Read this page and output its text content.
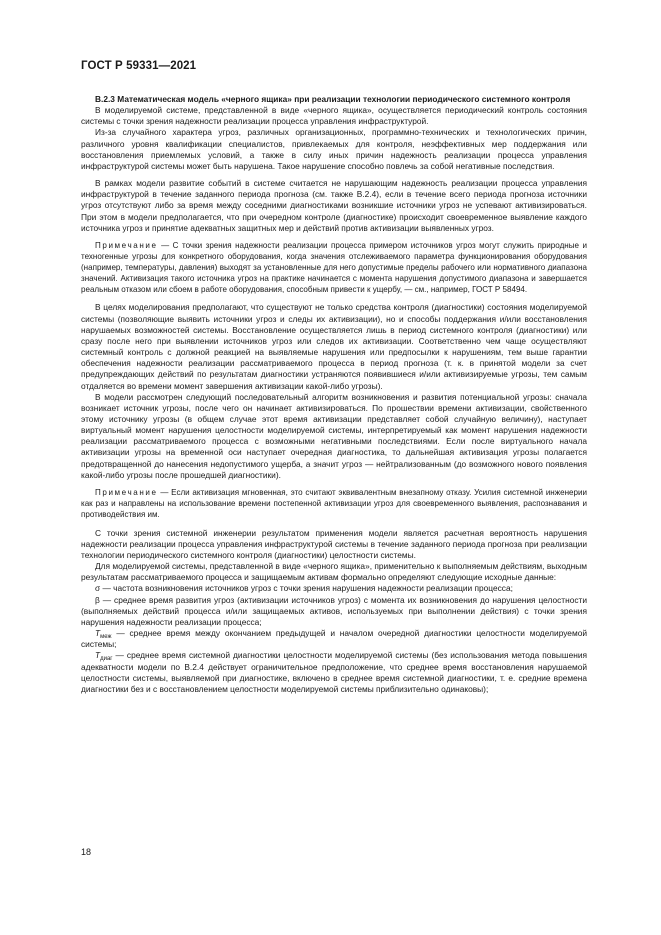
ГОСТ Р 59331—2021

В.2.3 Математическая модель «черного ящика» при реализации технологии периодического системного контроля

В моделируемой системе, представленной в виде «черного ящика», осуществляется периодический контроль состояния системы с точки зрения надежности реализации процесса управления инфраструктурой.

Из-за случайного характера угроз, различных организационных, программно-технических и технологических причин, различного уровня квалификации специалистов, привлекаемых для контроля, неэффективных мер поддержания или восстановления приемлемых условий, а также в силу иных причин надежность реализации процесса управления инфраструктурой системы может быть нарушена. Такое нарушение способно повлечь за собой негативные последствия.

В рамках модели развитие событий в системе считается не нарушающим надежность реализации процесса управления инфраструктурой в течение заданного периода прогноза (см. также В.2.4), если в течение всего периода прогноза источники угроз отсутствуют либо за время между соседними диагностиками возникшие источники угроз не успевают активизироваться. При этом в модели предполагается, что при очередном контроле (диагностике) происходит своевременное выявление каждого источника угроз и принятие адекватных защитных мер и действий против активизации выявленных угроз.

Примечание — С точки зрения надежности реализации процесса примером источников угроз могут служить природные и техногенные угрозы для конкретного оборудования, когда значения отслеживаемого параметра функционирования оборудования (например, температуры, давления) выходят за установленные для него допустимые пределы рабочего или нормативного диапазона значений. Активизация такого источника угроз на практике начинается с момента нарушения допустимого диапазона и завершается реальным отказом или сбоем в работе оборудования, способным привести к ущербу, — см., например, ГОСТ Р 58494.

В целях моделирования предполагают, что существуют не только средства контроля (диагностики) состояния моделируемой системы (позволяющие выявить источники угроз и следы их активизации), но и способы поддержания и/или восстановления нарушаемых возможностей системы. Восстановление осуществляется лишь в период системного контроля (диагностики) или сразу после него при выявлении источников угроз или следов их активизации. Соответственно чем чаще осуществляют системный контроль с должной реакцией на выявляемые нарушения или предпосылки к нарушениям, тем выше гарантии обеспечения надежности реализации рассматриваемого процесса в период прогноза (т. к. в принятой модели за счет предупреждающих действий по результатам диагностики устраняются появившиеся и/или активизируемые угрозы, тем самым отдаляется во времени момент завершения активизации какой-либо угрозы).

В модели рассмотрен следующий последовательный алгоритм возникновения и развития потенциальной угрозы: сначала возникает источник угрозы, после чего он начинает активизироваться. По прошествии времени активизации, свойственного этому источнику угрозы (в общем случае этот время активизации представляет собой случайную величину), наступает виртуальный момент нарушения целостности моделируемой системы, интерпретируемый как момент нарушения надежности реализации рассматриваемого процесса с возможными негативными последствиями. Если после виртуального начала активизации угрозы на временной оси наступает очередная диагностика, то дальнейшая активизация угрозы полагается предотвращенной до нанесения недопустимого ущерба, а значит угроз — нейтрализованным (до возможного нового появления какой-либо угрозы после прошедшей диагностики).

Примечание — Если активизация мгновенная, это считают эквивалентным внезапному отказу. Усилия системной инженерии как раз и направлены на использование времени постепенной активизации угроз для своевременного выявления, распознавания и противодействия им.

С точки зрения системной инженерии результатом применения модели является расчетная вероятность нарушения надежности реализации процесса управления инфраструктурой системы в течение заданного периода прогноза при реализации технологии периодического системного контроля (диагностики) целостности системы.

Для моделируемой системы, представленной в виде «черного ящика», применительно к выполняемым действиям, выходным результатам рассматриваемого процесса и защищаемым активам формально определяют следующие исходные данные:

σ — частота возникновения источников угроз с точки зрения нарушения надежности реализации процесса;

β — среднее время развития угроз (активизации источников угроз) с момента их возникновения до нарушения целостности (выполняемых действий процесса и/или защищаемых активов, используемых при выполнении действия) с точки зрения нарушения надежности реализации процесса;

$T_{меж}$ — среднее время между окончанием предыдущей и началом очередной диагностики целостности моделируемой системы;

$T_{диаг}$ — среднее время системной диагностики целостности моделируемой системы (без использования метода повышения адекватности модели по В.2.4 действует ограничительное предположение, что среднее время восстановления нарушаемой целостности системы, выявляемой при диагностике, включено в среднее время системной диагностики, т. е. средние времена диагностики без и с восстановлением целостности моделируемой системы приблизительно одинаковы);

18
